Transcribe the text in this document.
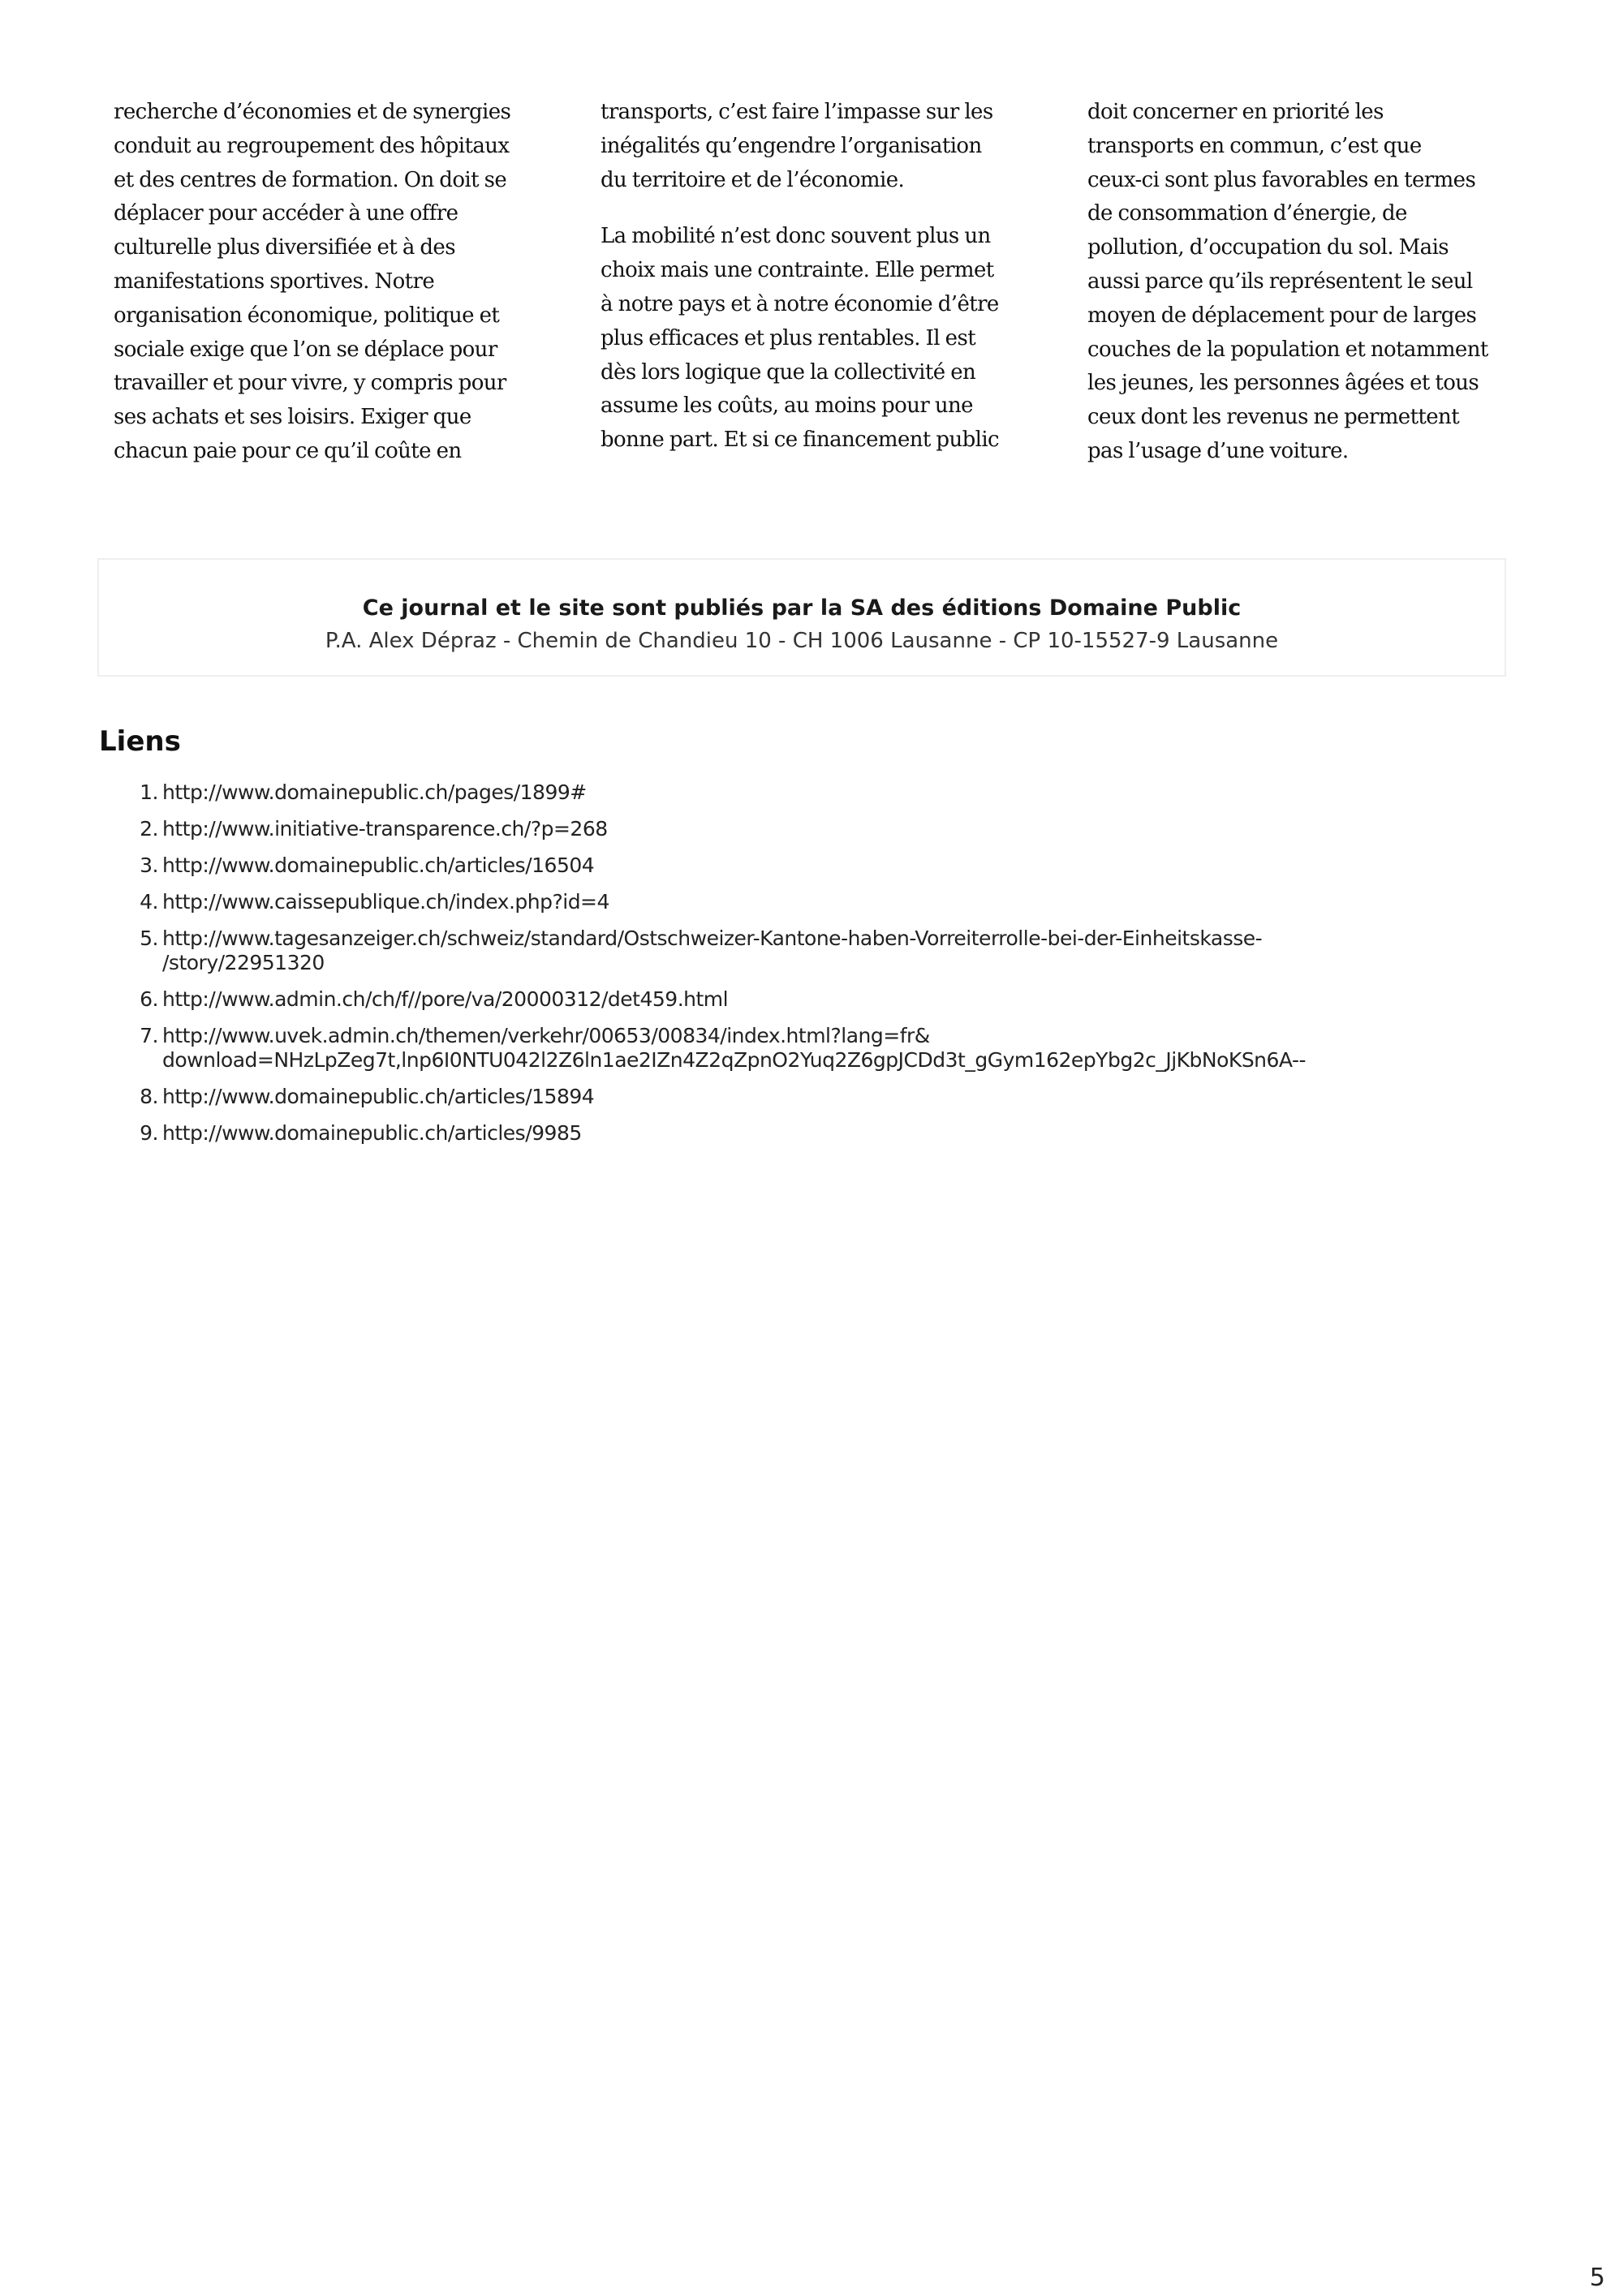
recherche d’économies et de synergies
conduit au regroupement des hôpitaux
et des centres de formation. On doit se
déplacer pour accéder à une offre
culturelle plus diversifiée et à des
manifestations sportives. Notre
organisation économique, politique et
sociale exige que l’on se déplace pour
travailler et pour vivre, y compris pour
ses achats et ses loisirs. Exiger que
chacun paie pour ce qu’il coûte en

transports, c’est faire l’impasse sur les
inégalités qu’engendre l’organisation
du territoire et de l’économie.

La mobilité n’est donc souvent plus un
choix mais une contrainte. Elle permet
à notre pays et à notre économie d’être
plus efficaces et plus rentables. Il est
dès lors logique que la collectivité en
assume les coûts, au moins pour une
bonne part. Et si ce financement public

doit concerner en priorité les
transports en commun, c’est que
ceux-ci sont plus favorables en termes
de consommation d’énergie, de
pollution, d’occupation du sol. Mais
aussi parce qu’ils représentent le seul
moyen de déplacement pour de larges
couches de la population et notamment
les jeunes, les personnes âgées et tous
ceux dont les revenus ne permettent
pas l’usage d’une voiture.

Ce journal et le site sont publiés par la SA des éditions Domaine Public
P.A. Alex Dépraz - Chemin de Chandieu 10 - CH 1006 Lausanne - CP 10-15527-9 Lausanne
Liens
1. http://www.domainepublic.ch/pages/1899#
2. http://www.initiative-transparence.ch/?p=268
3. http://www.domainepublic.ch/articles/16504
4. http://www.caissepublique.ch/index.php?id=4
5. http://www.tagesanzeiger.ch/schweiz/standard/Ostschweizer-Kantone-haben-Vorreiterrolle-bei-der-Einheitskasse-
/story/22951320
6. http://www.admin.ch/ch/f//pore/va/20000312/det459.html
7. http://www.uvek.admin.ch/themen/verkehr/00653/00834/index.html?lang=fr&
download=NHzLpZeg7t,lnp6I0NTU042l2Z6ln1ae2IZn4Z2qZpnO2Yuq2Z6gpJCDd3t_gGym162epYbg2c_JjKbNoKSn6A--
8. http://www.domainepublic.ch/articles/15894
9. http://www.domainepublic.ch/articles/9985
5
